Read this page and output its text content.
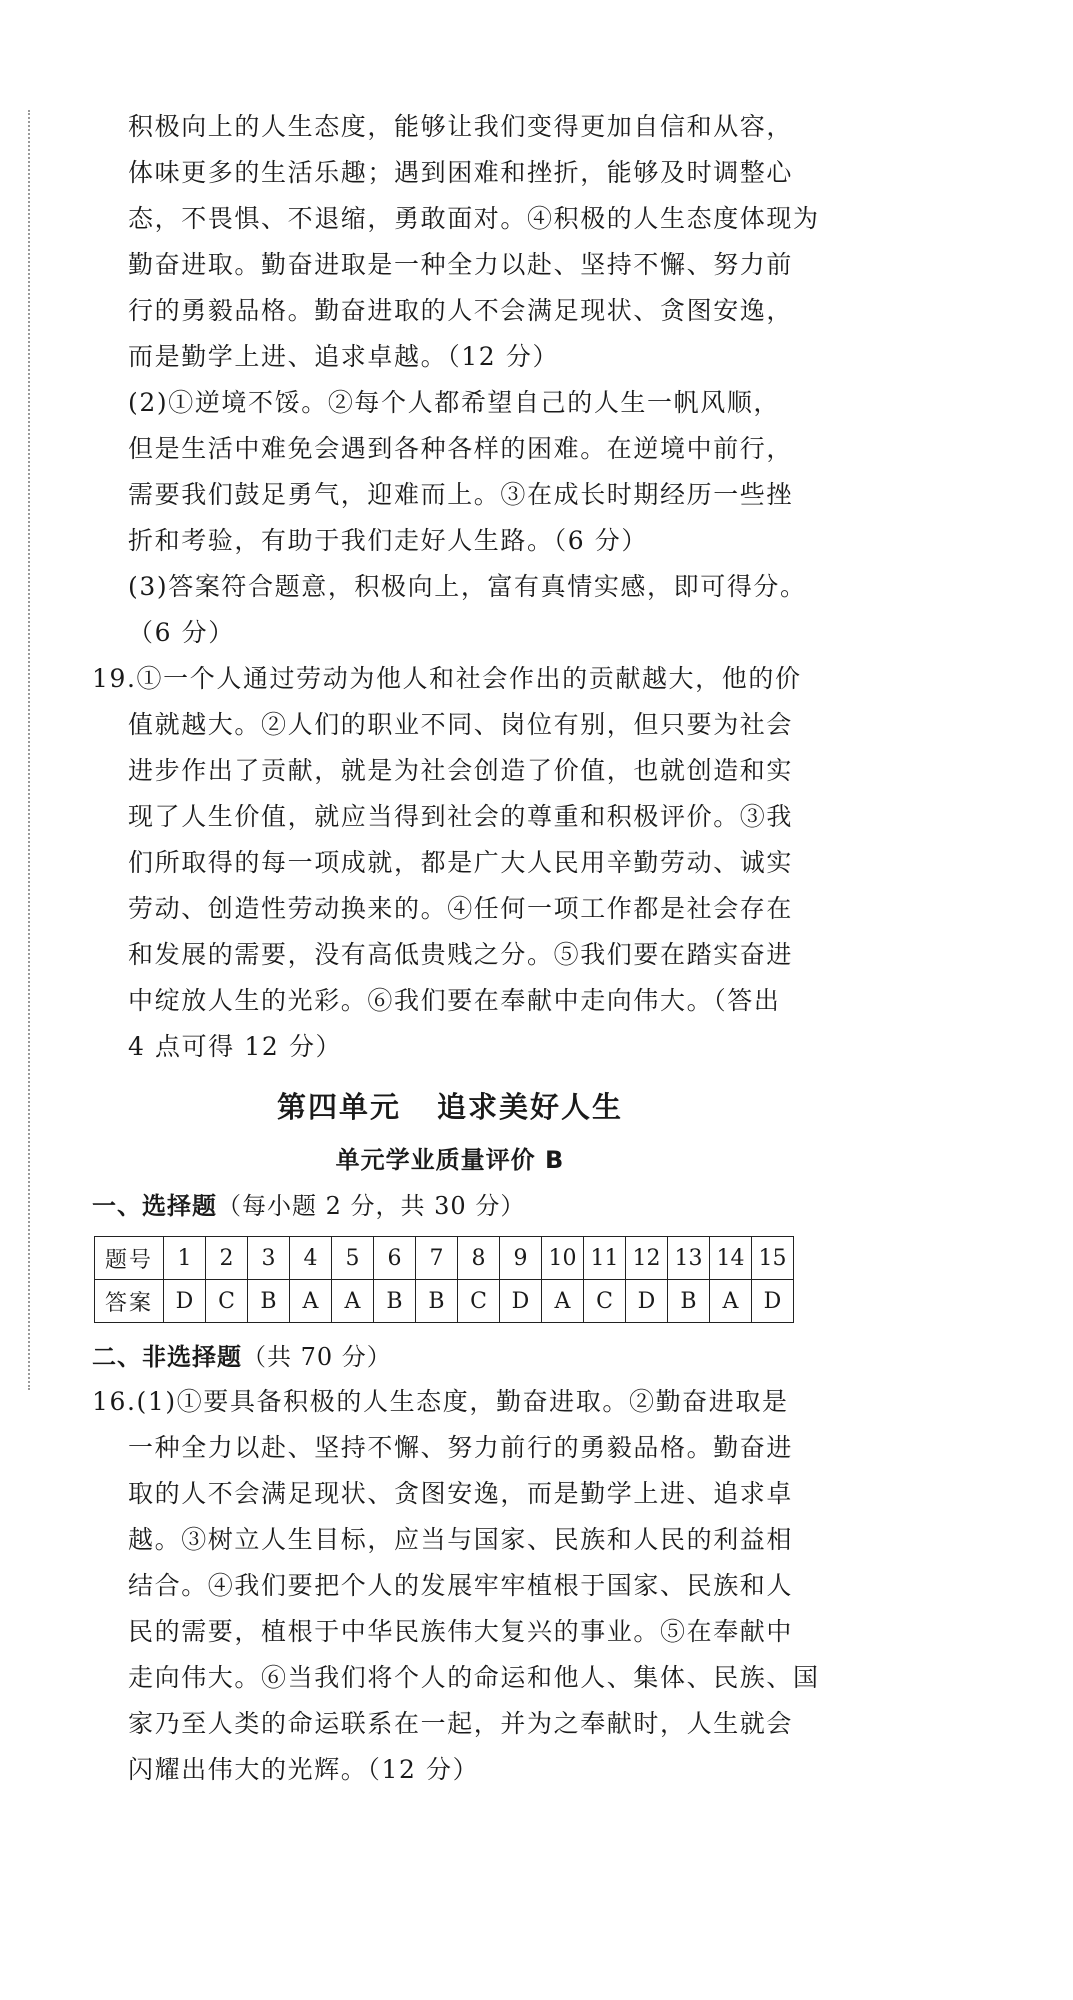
积极向上的人生态度，能够让我们变得更加自信和从容，
体味更多的生活乐趣；遇到困难和挫折，能够及时调整心
态，不畏惧、不退缩，勇敢面对。④积极的人生态度体现为
勤奋进取。勤奋进取是一种全力以赴、坚持不懈、努力前
行的勇毅品格。勤奋进取的人不会满足现状、贪图安逸，
而是勤学上进、追求卓越。（12 分）
(2)①逆境不馁。②每个人都希望自己的人生一帆风顺，
但是生活中难免会遇到各种各样的困难。在逆境中前行，
需要我们鼓足勇气，迎难而上。③在成长时期经历一些挫
折和考验，有助于我们走好人生路。（6 分）
(3)答案符合题意，积极向上，富有真情实感，即可得分。
（6 分）
19.①一个人通过劳动为他人和社会作出的贡献越大，他的价
值就越大。②人们的职业不同、岗位有别，但只要为社会
进步作出了贡献，就是为社会创造了价值，也就创造和实
现了人生价值，就应当得到社会的尊重和积极评价。③我
们所取得的每一项成就，都是广大人民用辛勤劳动、诚实
劳动、创造性劳动换来的。④任何一项工作都是社会存在
和发展的需要，没有高低贵贱之分。⑤我们要在踏实奋进
中绽放人生的光彩。⑥我们要在奉献中走向伟大。（答出
4 点可得 12 分）
第四单元 追求美好人生
单元学业质量评价 B
一、选择题（每小题 2 分，共 30 分）
题号	1	2	3	4	5	6	7	8	9	10	11	12	13	14	15
答案	D	C	B	A	A	B	B	C	D	A	C	D	B	A	D
二、非选择题（共 70 分）
16.(1)①要具备积极的人生态度，勤奋进取。②勤奋进取是
一种全力以赴、坚持不懈、努力前行的勇毅品格。勤奋进
取的人不会满足现状、贪图安逸，而是勤学上进、追求卓
越。③树立人生目标，应当与国家、民族和人民的利益相
结合。④我们要把个人的发展牢牢植根于国家、民族和人
民的需要，植根于中华民族伟大复兴的事业。⑤在奉献中
走向伟大。⑥当我们将个人的命运和他人、集体、民族、国
家乃至人类的命运联系在一起，并为之奉献时，人生就会
闪耀出伟大的光辉。（12 分）
